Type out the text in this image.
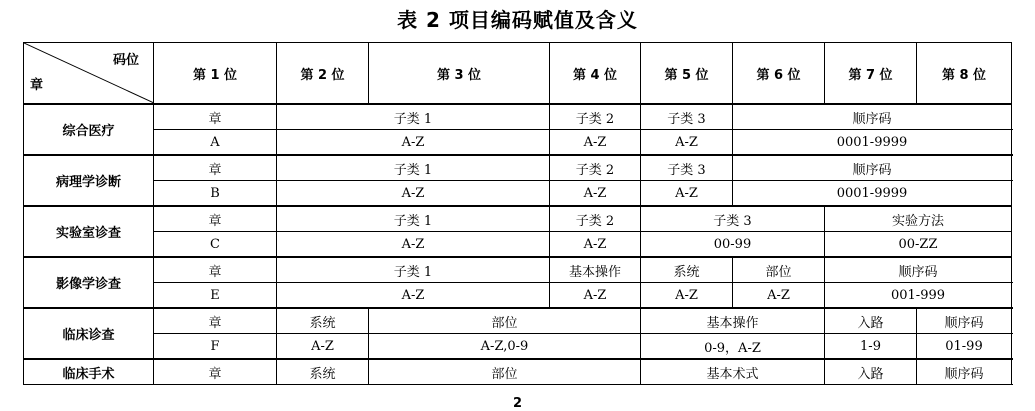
表 2 项目编码赋值及含义
码位
章	第 1 位	第 2 位	第 3 位	第 4 位	第 5 位	第 6 位	第 7 位	第 8 位	
综合医疗	章	子类 1		子类 2	子类 3	顺序码			
	A	A-Z		A-Z	A-Z	0001-9999			
病理学诊断	章	子类 1		子类 2	子类 3	顺序码			
	B	A-Z		A-Z	A-Z	0001-9999			
实验室诊查	章	子类 1		子类 2	子类 3		实验方法	
	C	A-Z		A-Z	00-99		00-ZZ	
影像学诊查	章	子类 1		基本操作	系统	部位	顺序码		
	E	A-Z		A-Z	A-Z	A-Z	001-999		
临床诊查	章	系统	部位		基本操作		入路	顺序码	
	F	A-Z	A-Z,0-9		0-9，A-Z		1-9	01-99	
临床手术	章	系统	部位		基本术式		入路	顺序码	
2
